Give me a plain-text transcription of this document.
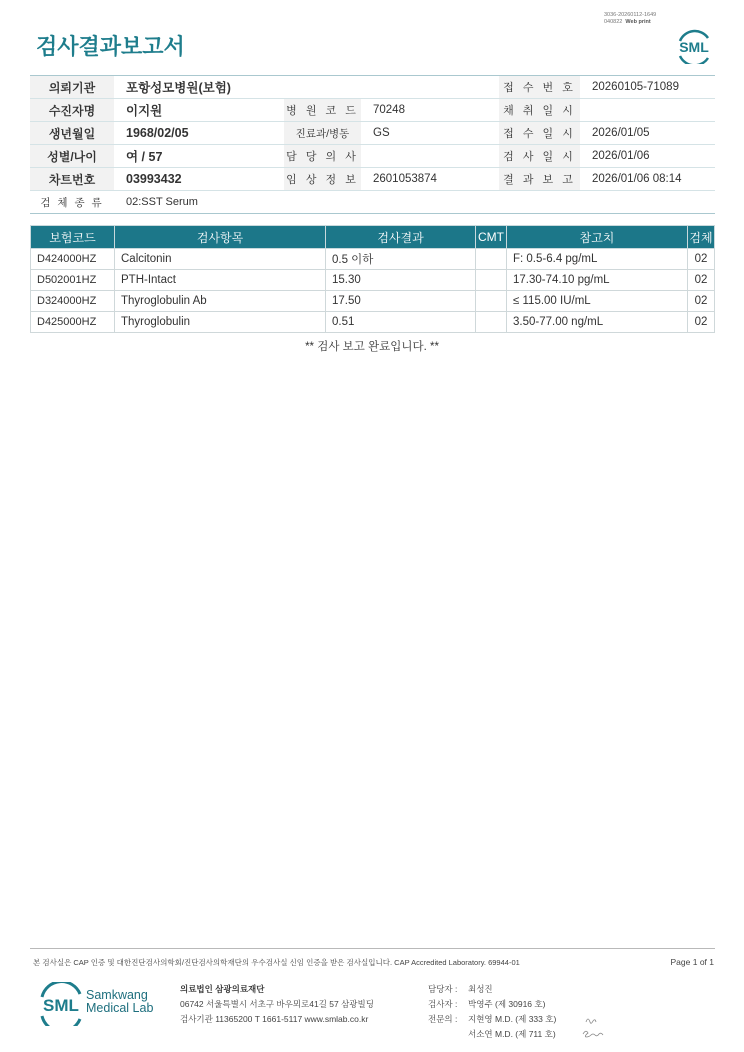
검사결과보고서
3036-20260112-1649
040822 Web print
SML
의뢰기관	포항성모병원(보험)			접 수 번 호	20260105-71089
수진자명	이지원	병 원 코 드	70248	채 취 일 시	
생년월일	1968/02/05	진료과/병동	GS	접 수 일 시	2026/01/05
성별/나이	여 / 57	담 당 의 사		검 사 일 시	2026/01/06
차트번호	03993432	임 상 정 보	2601053874	결 과 보 고	2026/01/06 08:14
검 체 종 류	02:SST Serum				
보험코드	검사항목	검사결과	CMT	참고치	검체
D424000HZ	Calcitonin	0.5 이하		F: 0.5-6.4 pg/mL	02
D502001HZ	PTH-Intact	15.30		17.30-74.10 pg/mL	02
D324000HZ	Thyroglobulin Ab	17.50		≤ 115.00 IU/mL	02
D425000HZ	Thyroglobulin	0.51		3.50-77.00 ng/mL	02
** 검사 보고 완료입니다. **
본 검사실은 CAP 인증 및 대한진단검사의학회/진단검사의학재단의 우수검사실 신임 인증을 받은 검사실입니다. CAP Accredited Laboratory. 69944-01	Page 1 of 1
SML
Samkwang
Medical Lab
의료법인 삼광의료재단
06742 서울특별시 서초구 바우뫼로41길 57 삼광빌딩
검사기관 11365200 T 1661-5117 www.smlab.co.kr
담당자 :	최성진
검사자 :	박영주 (제 30916 호)
전문의 :	지현영 M.D. (제 333 호)
서소연 M.D. (제 711 호)
